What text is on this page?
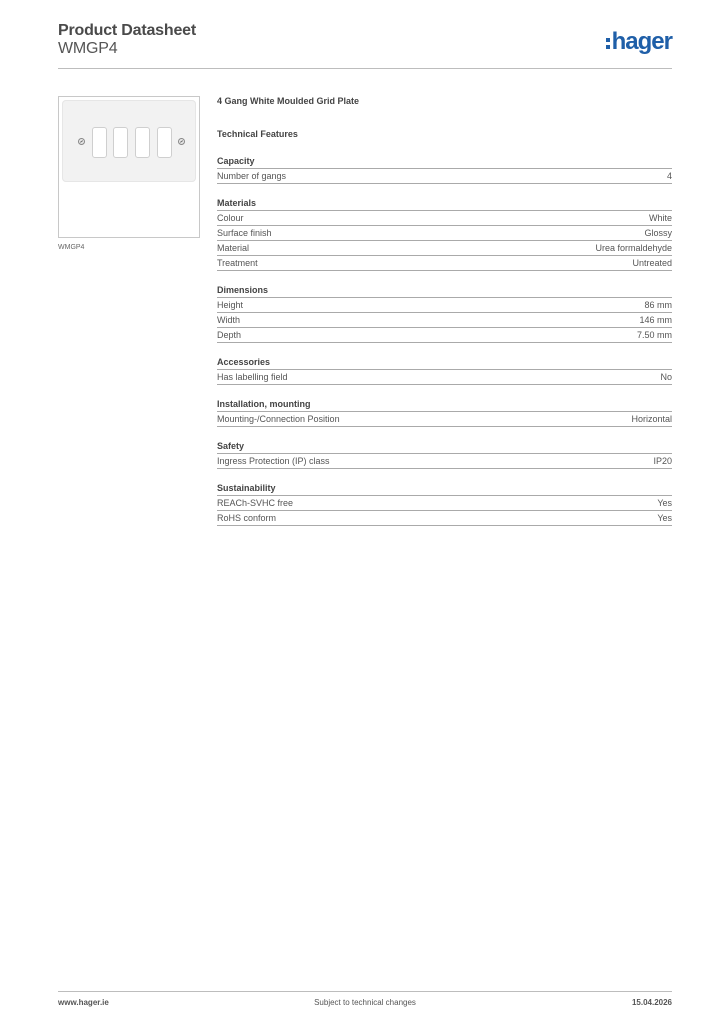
Product Datasheet
WMGP4	hager
WMGP4
4 Gang White Moulded Grid Plate
Technical Features
Capacity
Number of gangs	4
Materials
Colour	White
Surface finish	Glossy
Material	Urea formaldehyde
Treatment	Untreated
Dimensions
Height	86 mm
Width	146 mm
Depth	7.50 mm
Accessories
Has labelling field	No
Installation, mounting
Mounting-/Connection Position	Horizontal
Safety
Ingress Protection (IP) class	IP20
Sustainability
REACh-SVHC free	Yes
RoHS conform	Yes
www.hager.ie	Subject to technical changes	15.04.2026
